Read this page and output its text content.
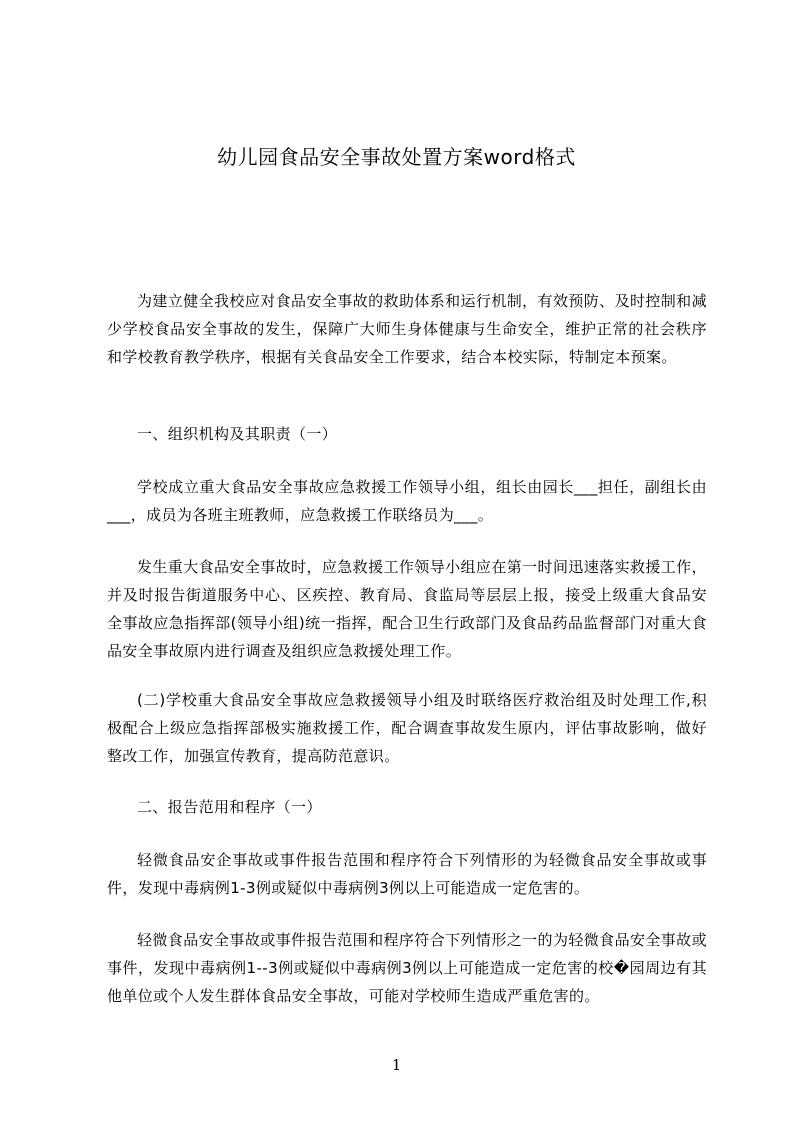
幼儿园食品安全事故处置方案word格式
为建立健全我校应对食品安全事故的救助体系和运行机制，有效预防、及时控制和减少学校食品安全事故的发生，保障广大师生身体健康与生命安全，维护正常的社会秩序和学校教育教学秩序，根据有关食品安全工作要求，结合本校实际，特制定本预案。
一、组织机构及其职责（一）
学校成立重大食品安全事故应急救援工作领导小组，组长由园长___担任，副组长由___，成员为各班主班教师，应急救援工作联络员为___。
发生重大食品安全事故时，应急救援工作领导小组应在第一时间迅速落实救援工作，并及时报告街道服务中心、区疾控、教育局、食监局等层层上报，接受上级重大食品安全事故应急指挥部(领导小组)统一指挥，配合卫生行政部门及食品药品监督部门对重大食品安全事故原内进行调查及组织应急救援处理工作。
(二)学校重大食品安全事故应急救援领导小组及时联络医疗救治组及时处理工作,积极配合上级应急指挥部极实施救援工作，配合调查事故发生原内，评估事故影响，做好整改工作，加强宣传教育，提高防范意识。
二、报告范用和程序（一）
轻微食品安企事故或事件报告范围和程序符合下列情形的为轻微食品安全事故或事件，发现中毒病例1-3例或疑似中毒病例3例以上可能造成一定危害的。
轻微食品安全事故或事件报告范围和程序符合下列情形之一的为轻微食品安全事故或事件，发现中毒病例1--3例或疑似中毒病例3例以上可能造成一定危害的校�园周边有其他单位或个人发生群体食品安全事故，可能对学校师生造成严重危害的。
1
